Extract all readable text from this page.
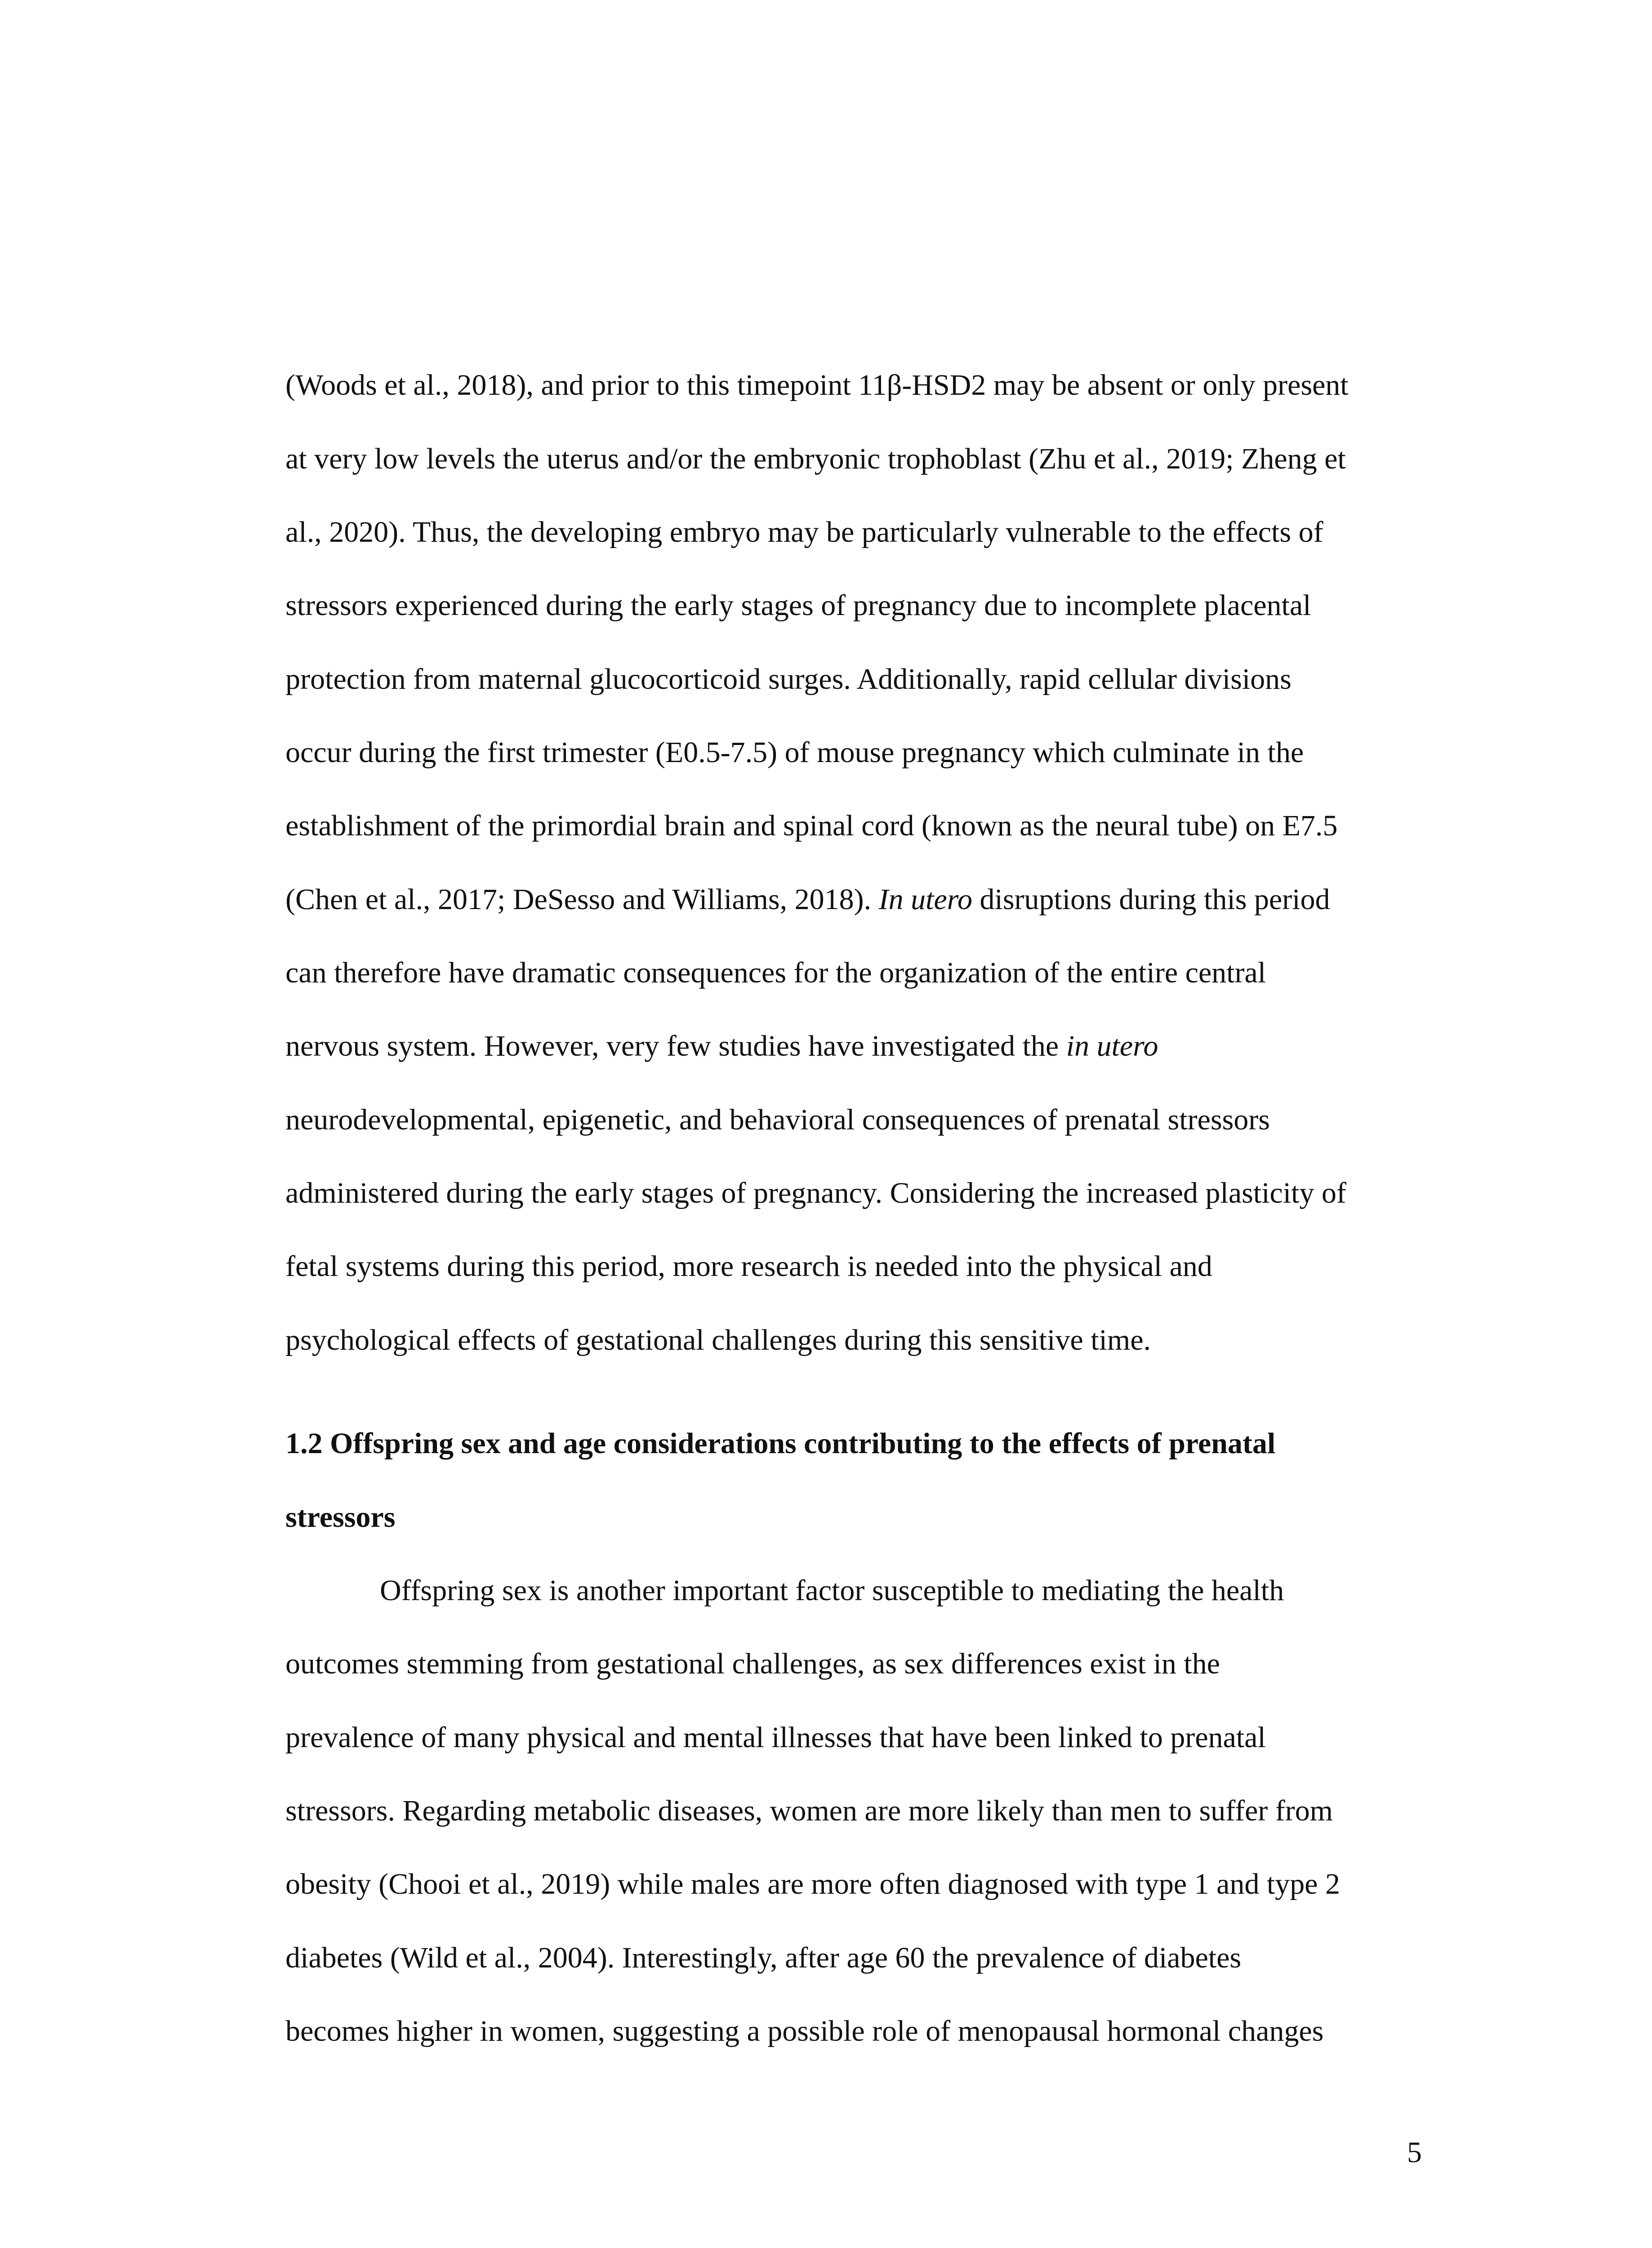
(Woods et al., 2018), and prior to this timepoint 11β-HSD2 may be absent or only present
at very low levels the uterus and/or the embryonic trophoblast (Zhu et al., 2019; Zheng et
al., 2020). Thus, the developing embryo may be particularly vulnerable to the effects of
stressors experienced during the early stages of pregnancy due to incomplete placental
protection from maternal glucocorticoid surges. Additionally, rapid cellular divisions
occur during the first trimester (E0.5-7.5) of mouse pregnancy which culminate in the
establishment of the primordial brain and spinal cord (known as the neural tube) on E7.5
(Chen et al., 2017; DeSesso and Williams, 2018). In utero disruptions during this period
can therefore have dramatic consequences for the organization of the entire central
nervous system. However, very few studies have investigated the in utero
neurodevelopmental, epigenetic, and behavioral consequences of prenatal stressors
administered during the early stages of pregnancy. Considering the increased plasticity of
fetal systems during this period, more research is needed into the physical and
psychological effects of gestational challenges during this sensitive time.
1.2 Offspring sex and age considerations contributing to the effects of prenatal
stressors
Offspring sex is another important factor susceptible to mediating the health
outcomes stemming from gestational challenges, as sex differences exist in the
prevalence of many physical and mental illnesses that have been linked to prenatal
stressors. Regarding metabolic diseases, women are more likely than men to suffer from
obesity (Chooi et al., 2019) while males are more often diagnosed with type 1 and type 2
diabetes (Wild et al., 2004). Interestingly, after age 60 the prevalence of diabetes
becomes higher in women, suggesting a possible role of menopausal hormonal changes
5
